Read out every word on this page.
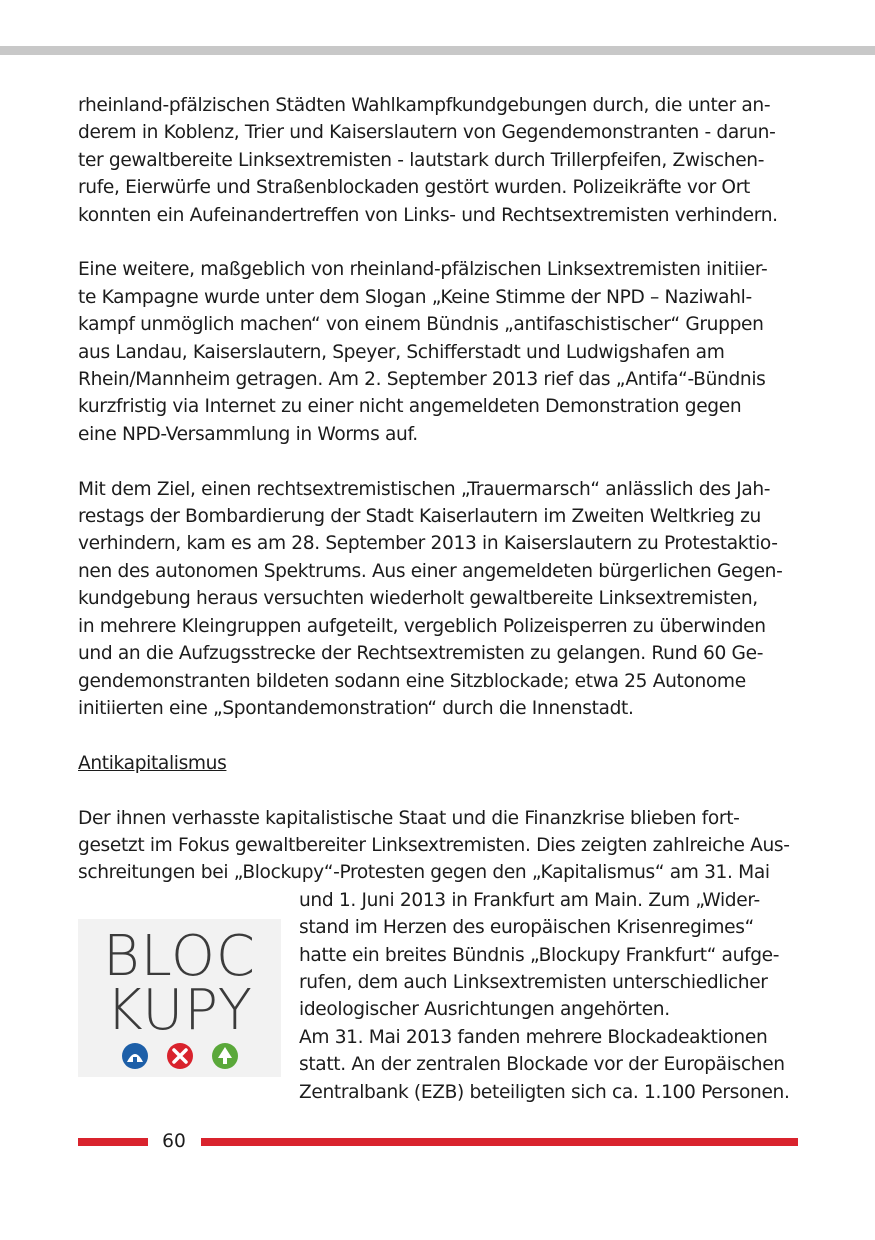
rheinland-pfälzischen Städten Wahlkampfkundgebungen durch, die unter an-
derem in Koblenz, Trier und Kaiserslautern von Gegendemonstranten - darun-
ter gewaltbereite Linksextremisten - lautstark durch Trillerpfeifen, Zwischen-
rufe, Eierwürfe und Straßenblockaden gestört wurden. Polizeikräfte vor Ort
konnten ein Aufeinandertreffen von Links- und Rechtsextremisten verhindern.
Eine weitere, maßgeblich von rheinland-pfälzischen Linksextremisten initiier-
te Kampagne wurde unter dem Slogan „Keine Stimme der NPD – Naziwahl-
kampf unmöglich machen“ von einem Bündnis „antifaschistischer“ Gruppen
aus Landau, Kaiserslautern, Speyer, Schifferstadt und Ludwigshafen am
Rhein/Mannheim getragen. Am 2. September 2013 rief das „Antifa“-Bündnis
kurzfristig via Internet zu einer nicht angemeldeten Demonstration gegen
eine NPD-Versammlung in Worms auf.
Mit dem Ziel, einen rechtsextremistischen „Trauermarsch“ anlässlich des Jah-
restags der Bombardierung der Stadt Kaiserlautern im Zweiten Weltkrieg zu
verhindern, kam es am 28. September 2013 in Kaiserslautern zu Protestaktio-
nen des autonomen Spektrums. Aus einer angemeldeten bürgerlichen Gegen-
kundgebung heraus versuchten wiederholt gewaltbereite Linksextremisten,
in mehrere Kleingruppen aufgeteilt, vergeblich Polizeisperren zu überwinden
und an die Aufzugsstrecke der Rechtsextremisten zu gelangen. Rund 60 Ge-
gendemonstranten bildeten sodann eine Sitzblockade; etwa 25 Autonome
initiierten eine „Spontandemonstration“ durch die Innenstadt.
Antikapitalismus
Der ihnen verhasste kapitalistische Staat und die Finanzkrise blieben fort-
gesetzt im Fokus gewaltbereiter Linksextremisten. Dies zeigten zahlreiche Aus-
schreitungen bei „Blockupy“-Protesten gegen den „Kapitalismus“ am 31. Mai
und 1. Juni 2013 in Frankfurt am Main. Zum „Wider-
stand im Herzen des europäischen Krisenregimes“
hatte ein breites Bündnis „Blockupy Frankfurt“ aufge-
rufen, dem auch Linksextremisten unterschiedlicher
ideologischer Ausrichtungen angehörten.
Am 31. Mai 2013 fanden mehrere Blockadeaktionen
statt. An der zentralen Blockade vor der Europäischen
Zentralbank (EZB) beteiligten sich ca. 1.100 Personen.
BLOC
KUPY
60
